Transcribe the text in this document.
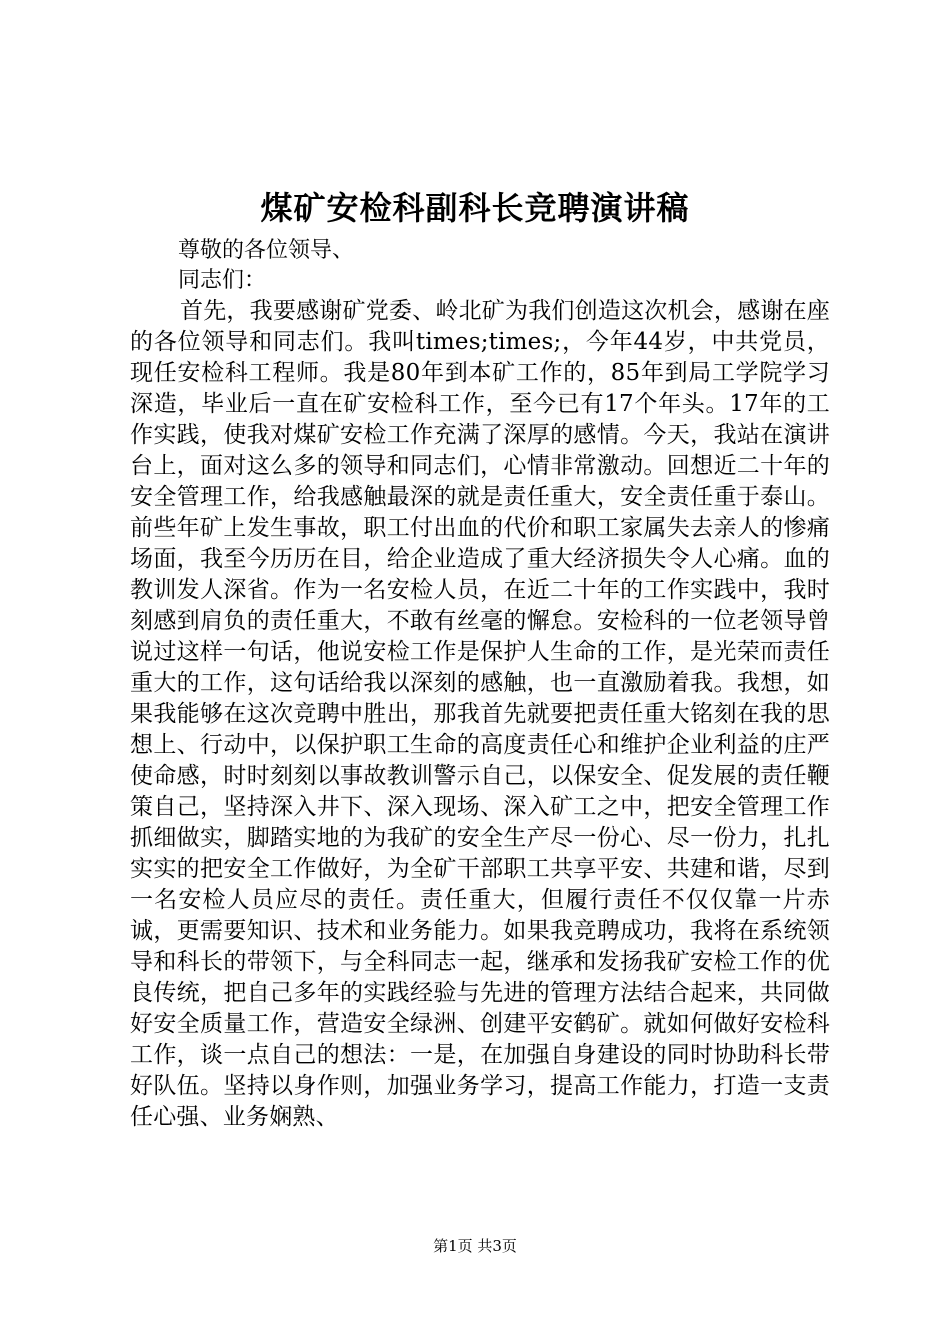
煤矿安检科副科长竞聘演讲稿
尊敬的各位领导、
同志们：
首先，我要感谢矿党委、岭北矿为我们创造这次机会，感谢在座的各位领导和同志们。我叫times;times;，今年44岁，中共党员，现任安检科工程师。我是80年到本矿工作的，85年到局工学院学习深造，毕业后一直在矿安检科工作，至今已有17个年头。17年的工作实践，使我对煤矿安检工作充满了深厚的感情。今天，我站在演讲台上，面对这么多的领导和同志们，心情非常激动。回想近二十年的安全管理工作，给我感触最深的就是责任重大，安全责任重于泰山。前些年矿上发生事故，职工付出血的代价和职工家属失去亲人的惨痛场面，我至今历历在目，给企业造成了重大经济损失令人心痛。血的教训发人深省。作为一名安检人员，在近二十年的工作实践中，我时刻感到肩负的责任重大，不敢有丝毫的懈怠。安检科的一位老领导曾说过这样一句话，他说安检工作是保护人生命的工作，是光荣而责任重大的工作，这句话给我以深刻的感触，也一直激励着我。我想，如果我能够在这次竞聘中胜出，那我首先就要把责任重大铭刻在我的思想上、行动中，以保护职工生命的高度责任心和维护企业利益的庄严使命感，时时刻刻以事故教训警示自己，以保安全、促发展的责任鞭策自己，坚持深入井下、深入现场、深入矿工之中，把安全管理工作抓细做实，脚踏实地的为我矿的安全生产尽一份心、尽一份力，扎扎实实的把安全工作做好，为全矿干部职工共享平安、共建和谐，尽到一名安检人员应尽的责任。责任重大，但履行责任不仅仅靠一片赤诚，更需要知识、技术和业务能力。如果我竞聘成功，我将在系统领导和科长的带领下，与全科同志一起，继承和发扬我矿安检工作的优良传统，把自己多年的实践经验与先进的管理方法结合起来，共同做好安全质量工作，营造安全绿洲、创建平安鹤矿。就如何做好安检科工作，谈一点自己的想法：一是，在加强自身建设的同时协助科长带好队伍。坚持以身作则，加强业务学习，提高工作能力，打造一支责任心强、业务娴熟、
第1页 共3页
